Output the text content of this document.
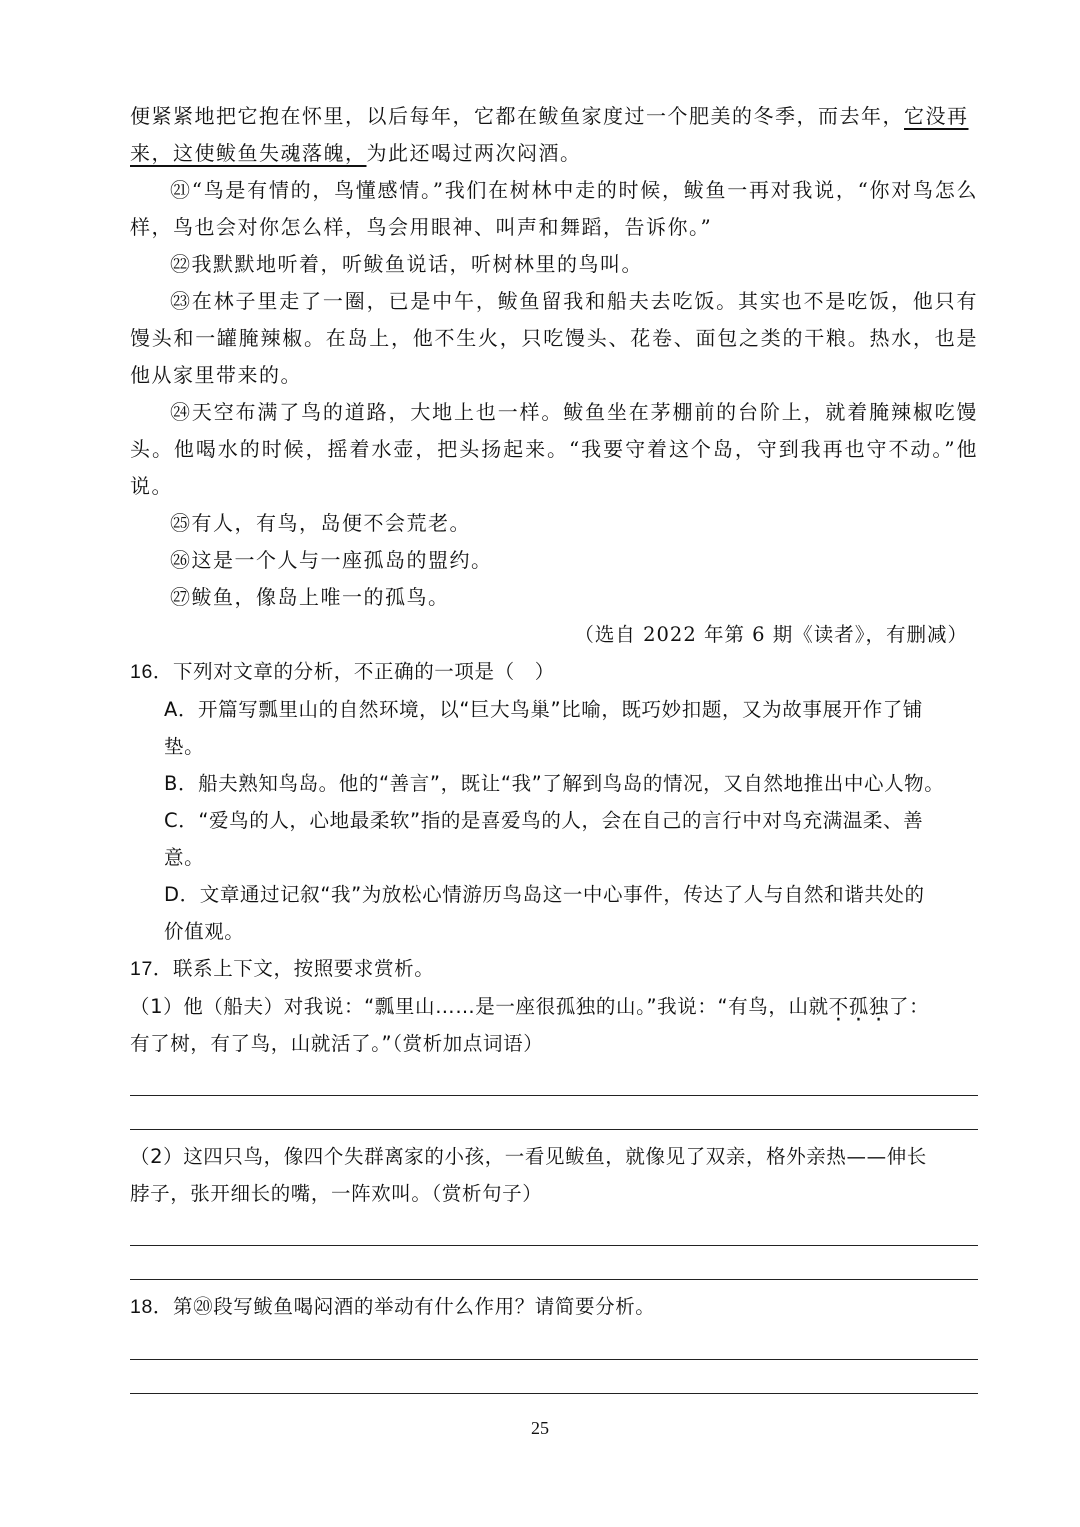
便紧紧地把它抱在怀里，以后每年，它都在鲅鱼家度过一个肥美的冬季，而去年，它没再
来，这使鲅鱼失魂落魄，为此还喝过两次闷酒。

㉑“鸟是有情的，鸟懂感情。”我们在树林中走的时候，鲅鱼一再对我说，“你对鸟怎么样，鸟也会对你怎么样，鸟会用眼神、叫声和舞蹈，告诉你。”

㉒我默默地听着，听鲅鱼说话，听树林里的鸟叫。

㉓在林子里走了一圈，已是中午，鲅鱼留我和船夫去吃饭。其实也不是吃饭，他只有馒头和一罐腌辣椒。在岛上，他不生火，只吃馒头、花卷、面包之类的干粮。热水，也是他从家里带来的。

㉔天空布满了鸟的道路，大地上也一样。鲅鱼坐在茅棚前的台阶上，就着腌辣椒吃馒头。他喝水的时候，摇着水壶，把头扬起来。“我要守着这个岛，守到我再也守不动。”他说。

㉕有人，有鸟，岛便不会荒老。

㉖这是一个人与一座孤岛的盟约。

㉗鲅鱼，像岛上唯一的孤鸟。

（选自 2022 年第 6 期《读者》，有删减）

16．下列对文章的分析，不正确的一项是（　）
A．开篇写瓢里山的自然环境，以“巨大鸟巢”比喻，既巧妙扣题，又为故事展开作了铺
垫。
B．船夫熟知鸟岛。他的“善言”，既让“我”了解到鸟岛的情况，又自然地推出中心人物。
C．“爱鸟的人，心地最柔软”指的是喜爱鸟的人，会在自己的言行中对鸟充满温柔、善
意。
D．文章通过记叙“我”为放松心情游历鸟岛这一中心事件，传达了人与自然和谐共处的
价值观。
17．联系上下文，按照要求赏析。
（1）他（船夫）对我说：“瓢里山……是一座很孤独的山。”我说：“有鸟，山就不孤独了：
有了树，有了鸟，山就活了。”（赏析加点词语）
（2）这四只鸟，像四个失群离家的小孩，一看见鲅鱼，就像见了双亲，格外亲热——伸长
脖子，张开细长的嘴，一阵欢叫。（赏析句子）
18．第⑳段写鲅鱼喝闷酒的举动有什么作用？请简要分析。
25
